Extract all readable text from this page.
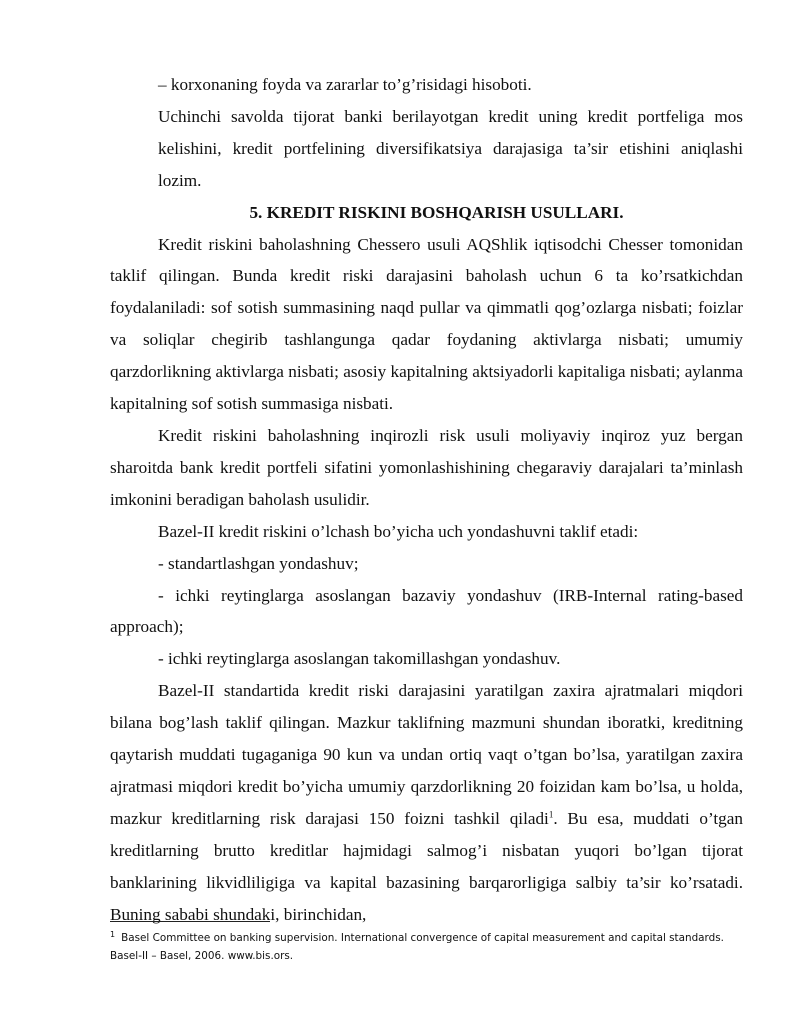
– korxonaning foyda va zararlar to’g’risidagi hisoboti.

Uchinchi savolda tijorat banki berilayotgan kredit uning kredit portfeliga mos kelishini, kredit portfelining diversifikatsiya darajasiga ta’sir etishini aniqlashi lozim.

5. KREDIT RISKINI BOSHQARISH USULLARI.

Kredit riskini baholashning Chessero usuli AQShlik iqtisodchi Chesser tomonidan taklif qilingan. Bunda kredit riski darajasini baholash uchun 6 ta ko’rsatkichdan foydalaniladi: sof sotish summasining naqd pullar va qimmatli qog’ozlarga nisbati; foizlar va soliqlar chegirib tashlangunga qadar foydaning aktivlarga nisbati; umumiy qarzdorlikning aktivlarga nisbati; asosiy kapitalning aktsiyadorli kapitaliga nisbati; aylanma kapitalning sof sotish summasiga nisbati.

Kredit riskini baholashning inqirozli risk usuli moliyaviy inqiroz yuz bergan sharoitda bank kredit portfeli sifatini yomonlashishining chegaraviy darajalari ta’minlash imkonini beradigan baholash usulidir.

Bazel-II kredit riskini o’lchash bo’yicha uch yondashuvni taklif etadi:

- standartlashgan yondashuv;

- ichki reytinglarga asoslangan bazaviy yondashuv (IRB-Internal rating-based approach);

- ichki reytinglarga asoslangan takomillashgan yondashuv.

Bazel-II standartida kredit riski darajasini yaratilgan zaxira ajratmalari miqdori bilana bog’lash taklif qilingan. Mazkur taklifning mazmuni shundan iboratki, kreditning qaytarish muddati tugaganiga 90 kun va undan ortiq vaqt o’tgan bo’lsa, yaratilgan zaxira ajratmasi miqdori kredit bo’yicha umumiy qarzdorlikning 20 foizidan kam bo’lsa, u holda, mazkur kreditlarning risk darajasi 150 foizni tashkil qiladi$^1$. Bu esa, muddati o’tgan kreditlarning brutto kreditlar hajmidagi salmog’i nisbatan yuqori bo’lgan tijorat banklarining likvidliligiga va kapital bazasining barqarorligiga salbiy ta’sir ko’rsatadi. Buning sababi shundaki, birinchidan,

$^1$ Basel Committee on banking supervision. International convergence of capital measurement and capital standards. Basel-II – Basel, 2006. www.bis.ors.
